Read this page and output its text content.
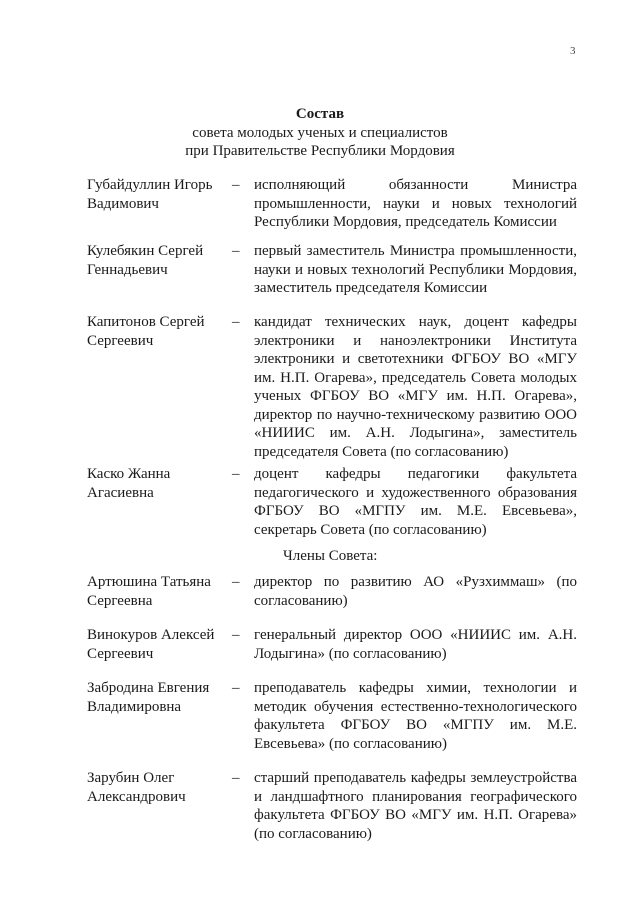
3
Состав
совета молодых ученых и специалистов
при Правительстве Республики Мордовия
Губайдуллин Игорь
Вадимович
– исполняющий обязанности Министра промышленности, науки и новых технологий Республики Мордовия, председатель Комиссии
Кулебякин Сергей
Геннадьевич
– первый заместитель Министра промышленности, науки и новых технологий Республики Мордовия, заместитель председателя Комиссии
Капитонов Сергей
Сергеевич
– кандидат технических наук, доцент кафедры электроники и наноэлектроники Института электроники и светотехники ФГБОУ ВО «МГУ им. Н.П. Огарева», председатель Совета молодых ученых ФГБОУ ВО «МГУ им. Н.П. Огарева», директор по научно-техническому развитию ООО «НИИИС им. А.Н. Лодыгина», заместитель председателя Совета (по согласованию)
Каско Жанна
Агасиевна
– доцент кафедры педагогики факультета педагогического и художественного образования ФГБОУ ВО «МГПУ им. М.Е. Евсевьева», секретарь Совета (по согласованию)
Члены Совета:
Артюшина Татьяна
Сергеевна
– директор по развитию АО «Рузхиммаш» (по согласованию)
Винокуров Алексей
Сергеевич
– генеральный директор ООО «НИИИС им. А.Н. Лодыгина» (по согласованию)
Забродина Евгения
Владимировна
– преподаватель кафедры химии, технологии и методик обучения естественно-технологического факультета ФГБОУ ВО «МГПУ им. М.Е. Евсевьева» (по согласованию)
Зарубин Олег
Александрович
– старший преподаватель кафедры землеустройства и ландшафтного планирования географического факультета ФГБОУ ВО «МГУ им. Н.П. Огарева» (по согласованию)
